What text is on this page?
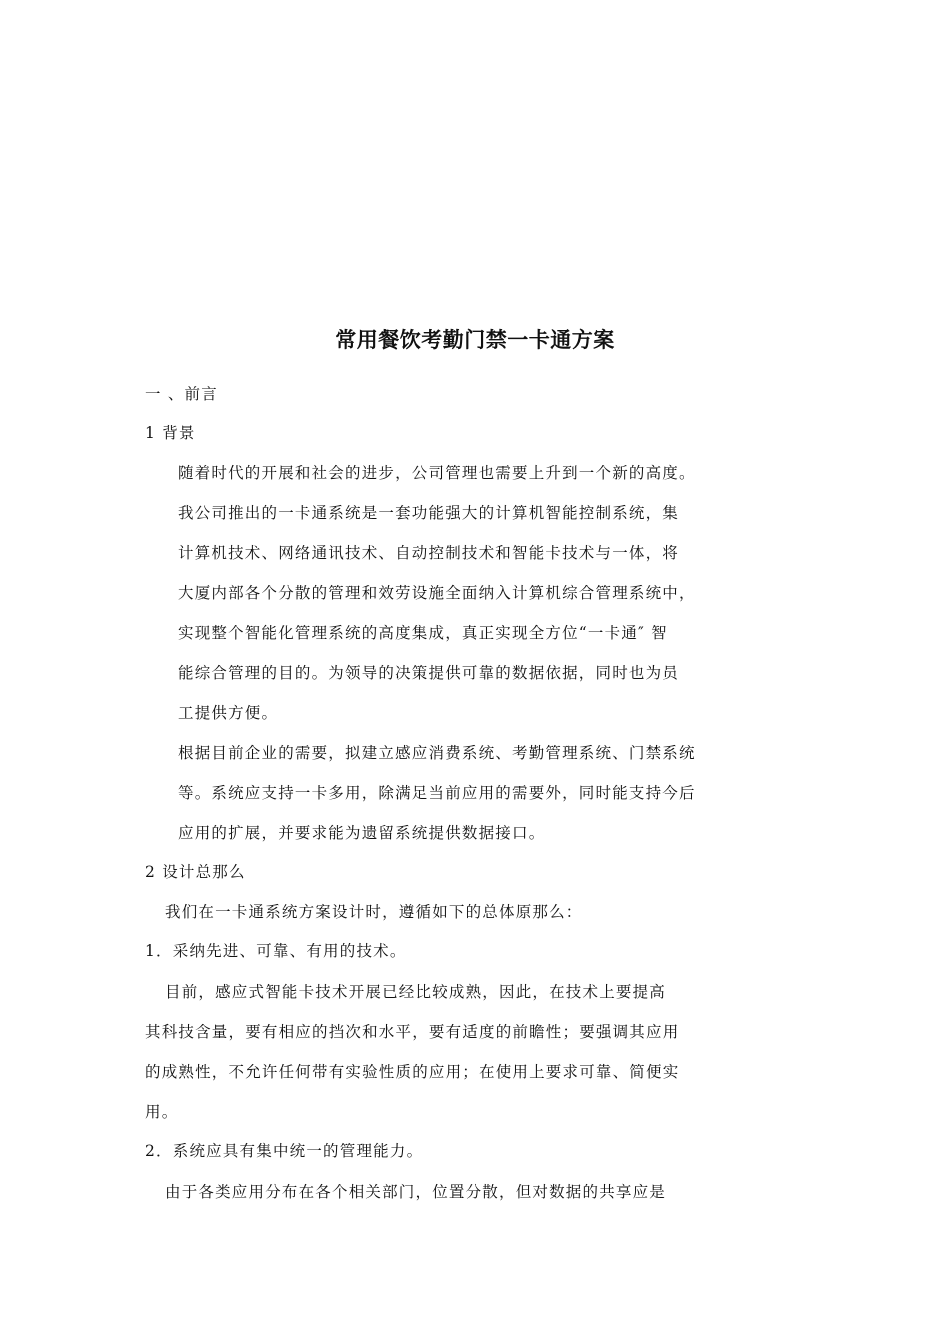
常用餐饮考勤门禁一卡通方案
一 、前言
1 背景
随着时代的开展和社会的进步，公司管理也需要上升到一个新的高度。
我公司推出的一卡通系统是一套功能强大的计算机智能控制系统，集
计算机技术、网络通讯技术、自动控制技术和智能卡技术与一体，将
大厦内部各个分散的管理和效劳设施全面纳入计算机综合管理系统中，
实现整个智能化管理系统的高度集成，真正实现全方位“一卡通″ 智
能综合管理的目的。为领导的决策提供可靠的数据依据，同时也为员
工提供方便。
根据目前企业的需要，拟建立感应消费系统、考勤管理系统、门禁系统
等。系统应支持一卡多用，除满足当前应用的需要外，同时能支持今后
应用的扩展，并要求能为遗留系统提供数据接口。
2 设计总那么
我们在一卡通系统方案设计时，遵循如下的总体原那么：
1．采纳先进、可靠、有用的技术。
目前，感应式智能卡技术开展已经比较成熟，因此，在技术上要提高
其科技含量，要有相应的挡次和水平，要有适度的前瞻性；要强调其应用
的成熟性，不允许任何带有实验性质的应用；在使用上要求可靠、简便实
用。
2．系统应具有集中统一的管理能力。
由于各类应用分布在各个相关部门，位置分散，但对数据的共享应是
